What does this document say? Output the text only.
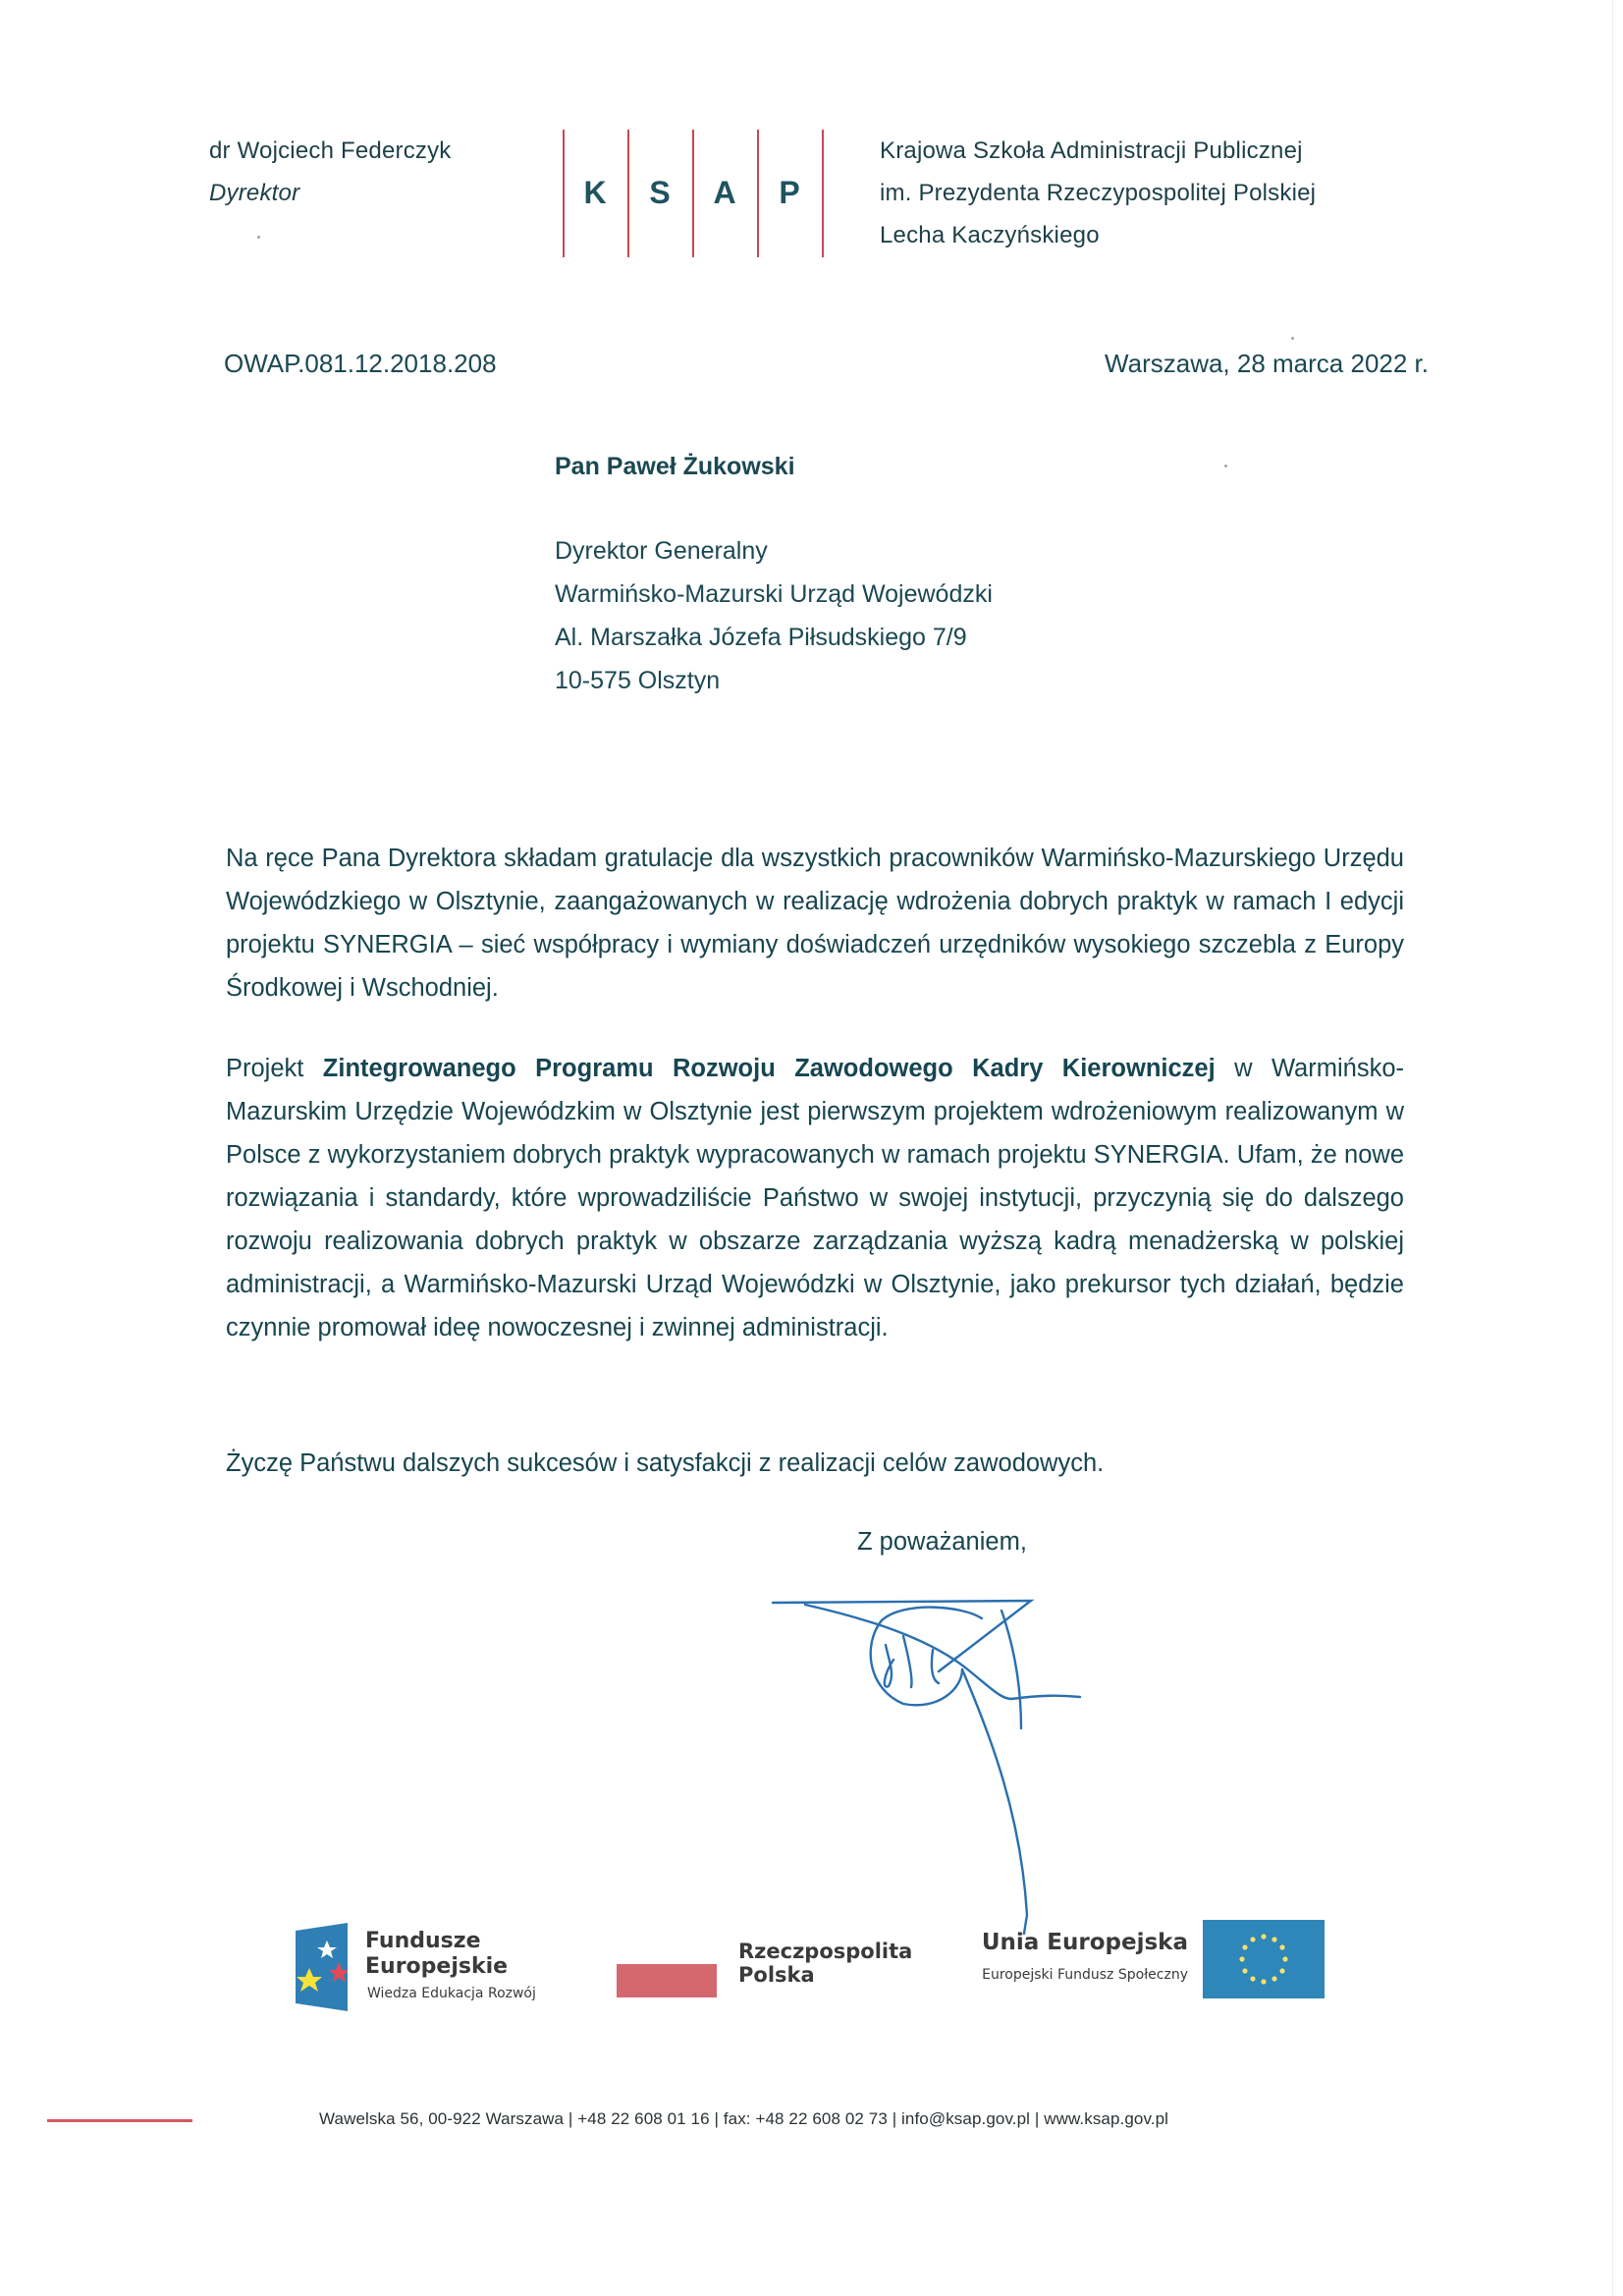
dr Wojciech Federczyk
Dyrektor	K	S	A	P
Krajowa Szkoła Administracji Publicznej
im. Prezydenta Rzeczypospolitej Polskiej
Lecha Kaczyńskiego
OWAP.081.12.2018.208	Warszawa, 28 marca 2022 r.
Pan Paweł Żukowski
Dyrektor Generalny
Warmińsko-Mazurski Urząd Wojewódzki
Al. Marszałka Józefa Piłsudskiego 7/9
10-575 Olsztyn

Na ręce Pana Dyrektora składam gratulacje dla wszystkich pracowników Warmińsko-Mazurskiego Urzędu Wojewódzkiego w Olsztynie, zaangażowanych w realizację wdrożenia dobrych praktyk w ramach I edycji projektu SYNERGIA – sieć współpracy i wymiany doświadczeń urzędników wysokiego szczebla z Europy Środkowej i Wschodniej.

Projekt Zintegrowanego Programu Rozwoju Zawodowego Kadry Kierowniczej w Warmińsko-Mazurskim Urzędzie Wojewódzkim w Olsztynie jest pierwszym projektem wdrożeniowym realizowanym w Polsce z wykorzystaniem dobrych praktyk wypracowanych w ramach projektu SYNERGIA. Ufam, że nowe rozwiązania i standardy, które wprowadziliście Państwo w swojej instytucji, przyczynią się do dalszego rozwoju realizowania dobrych praktyk w obszarze zarządzania wyższą kadrą menadżerską w polskiej administracji, a Warmińsko-Mazurski Urząd Wojewódzki w Olsztynie, jako prekursor tych działań, będzie czynnie promował ideę nowoczesnej i zwinnej administracji.

Życzę Państwu dalszych sukcesów i satysfakcji z realizacji celów zawodowych.

Z poważaniem,
Fundusze
Europejskie
Wiedza Edukacja Rozwój
Rzeczpospolita
Polska
Unia Europejska
Europejski Fundusz Społeczny
Wawelska 56, 00-922 Warszawa | +48 22 608 01 16 | fax: +48 22 608 02 73 | info@ksap.gov.pl | www.ksap.gov.pl
